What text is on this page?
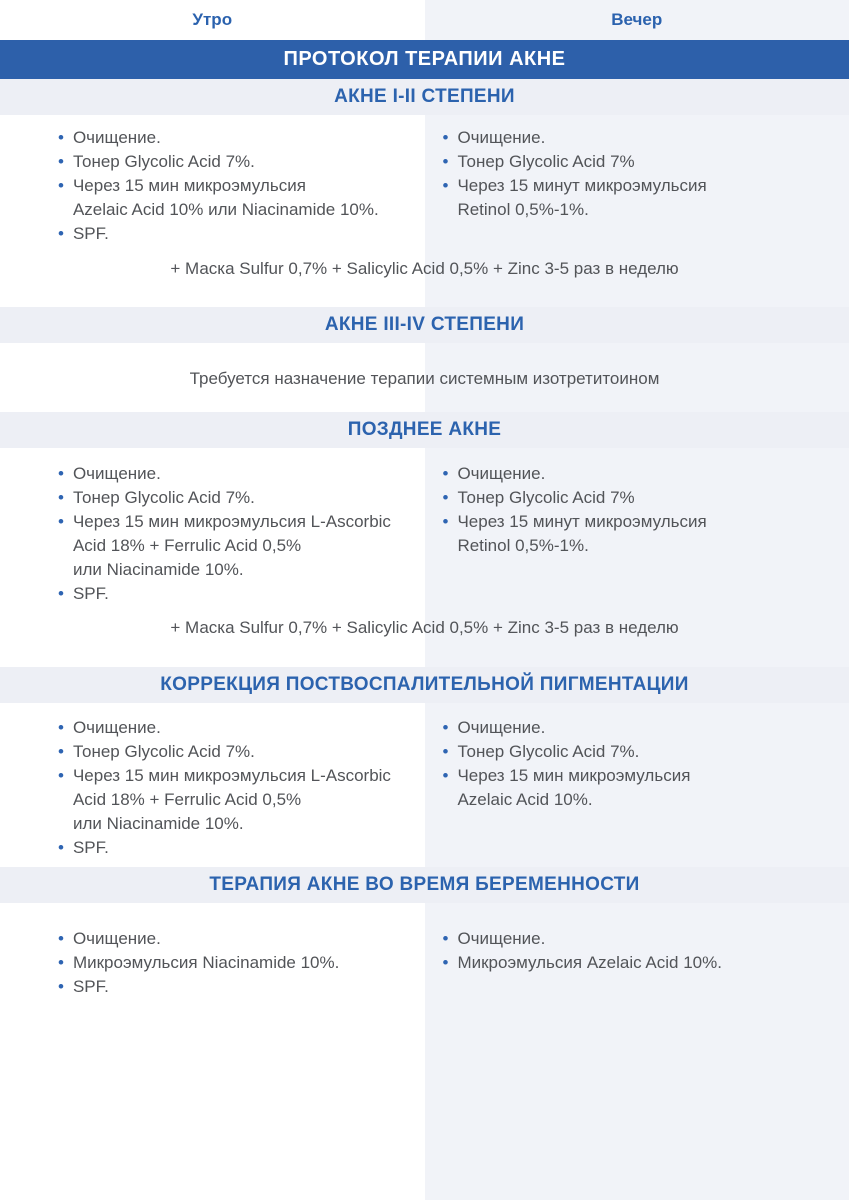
Утро	Вечер
ПРОТОКОЛ ТЕРАПИИ АКНЕ
АКНЕ I-II СТЕПЕНИ
• Очищение.
• Тонер Glycolic Acid 7%.
• Через 15 мин микроэмульсия
Azelaic Acid 10% или Niacinamide 10%.
• SPF.
• Очищение.
• Тонер Glycolic Acid 7%
• Через 15 минут микроэмульсия
Retinol 0,5%-1%.
+ Маска Sulfur 0,7% + Salicylic Acid 0,5% + Zinc 3-5 раз в неделю
АКНЕ III-IV СТЕПЕНИ
Требуется назначение терапии системным изотретитоином
ПОЗДНЕЕ АКНЕ
• Очищение.
• Тонер Glycolic Acid 7%.
• Через 15 мин микроэмульсия L-Ascorbic
Acid 18% + Ferrulic Acid 0,5%
или Niacinamide 10%.
• SPF.
• Очищение.
• Тонер Glycolic Acid 7%
• Через 15 минут микроэмульсия
Retinol 0,5%-1%.
+ Маска Sulfur 0,7% + Salicylic Acid 0,5% + Zinc 3-5 раз в неделю
КОРРЕКЦИЯ ПОСТВОСПАЛИТЕЛЬНОЙ ПИГМЕНТАЦИИ
• Очищение.
• Тонер Glycolic Acid 7%.
• Через 15 мин микроэмульсия L-Ascorbic
Acid 18% + Ferrulic Acid 0,5%
или Niacinamide 10%.
• SPF.
• Очищение.
• Тонер Glycolic Acid 7%.
• Через 15 мин микроэмульсия
Azelaic Acid 10%.
ТЕРАПИЯ АКНЕ ВО ВРЕМЯ БЕРЕМЕННОСТИ
• Очищение.
• Микроэмульсия Niacinamide 10%.
• SPF.
• Очищение.
• Микроэмульсия Azelaic Acid 10%.
